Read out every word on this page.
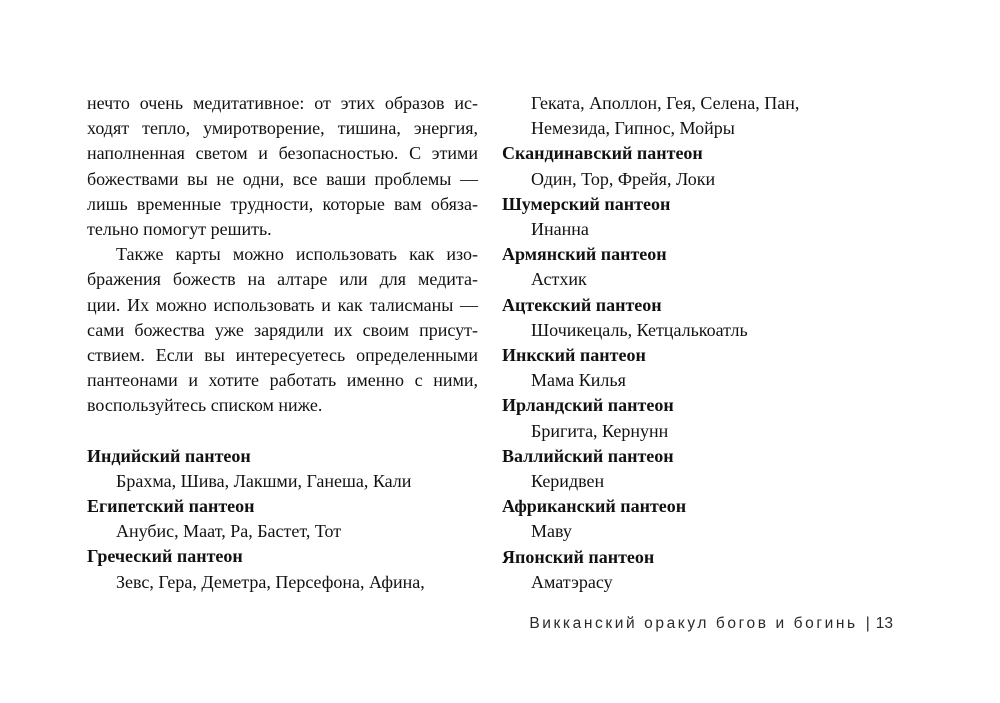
нечто очень медитативное: от этих образов ис-
ходят тепло, умиротворение, тишина, энергия,
наполненная светом и безопасностью. С этими
божествами вы не одни, все ваши проблемы —
лишь временные трудности, которые вам обяза-
тельно помогут решить.

Также карты можно использовать как изо-
бражения божеств на алтаре или для медита-
ции. Их можно использовать и как талисманы —
сами божества уже зарядили их своим присут-
ствием. Если вы интересуетесь определенными
пантеонами и хотите работать именно с ними,
воспользуйтесь списком ниже.

Индийский пантеон
Брахма, Шива, Лакшми, Ганеша, Кали
Египетский пантеон
Анубис, Маат, Ра, Бастет, Тот
Греческий пантеон
Зевс, Гера, Деметра, Персефона, Афина,
Геката, Аполлон, Гея, Селена, Пан,
Немезида, Гипнос, Мойры
Скандинавский пантеон
Один, Тор, Фрейя, Локи
Шумерский пантеон
Инанна
Армянский пантеон
Астхик
Ацтекский пантеон
Шочикецаль, Кетцалькоатль
Инкский пантеон
Мама Килья
Ирландский пантеон
Бригита, Кернунн
Валлийский пантеон
Керидвен
Африканский пантеон
Маву
Японский пантеон
Аматэрасу
Викканский оракул богов и богинь | 13
